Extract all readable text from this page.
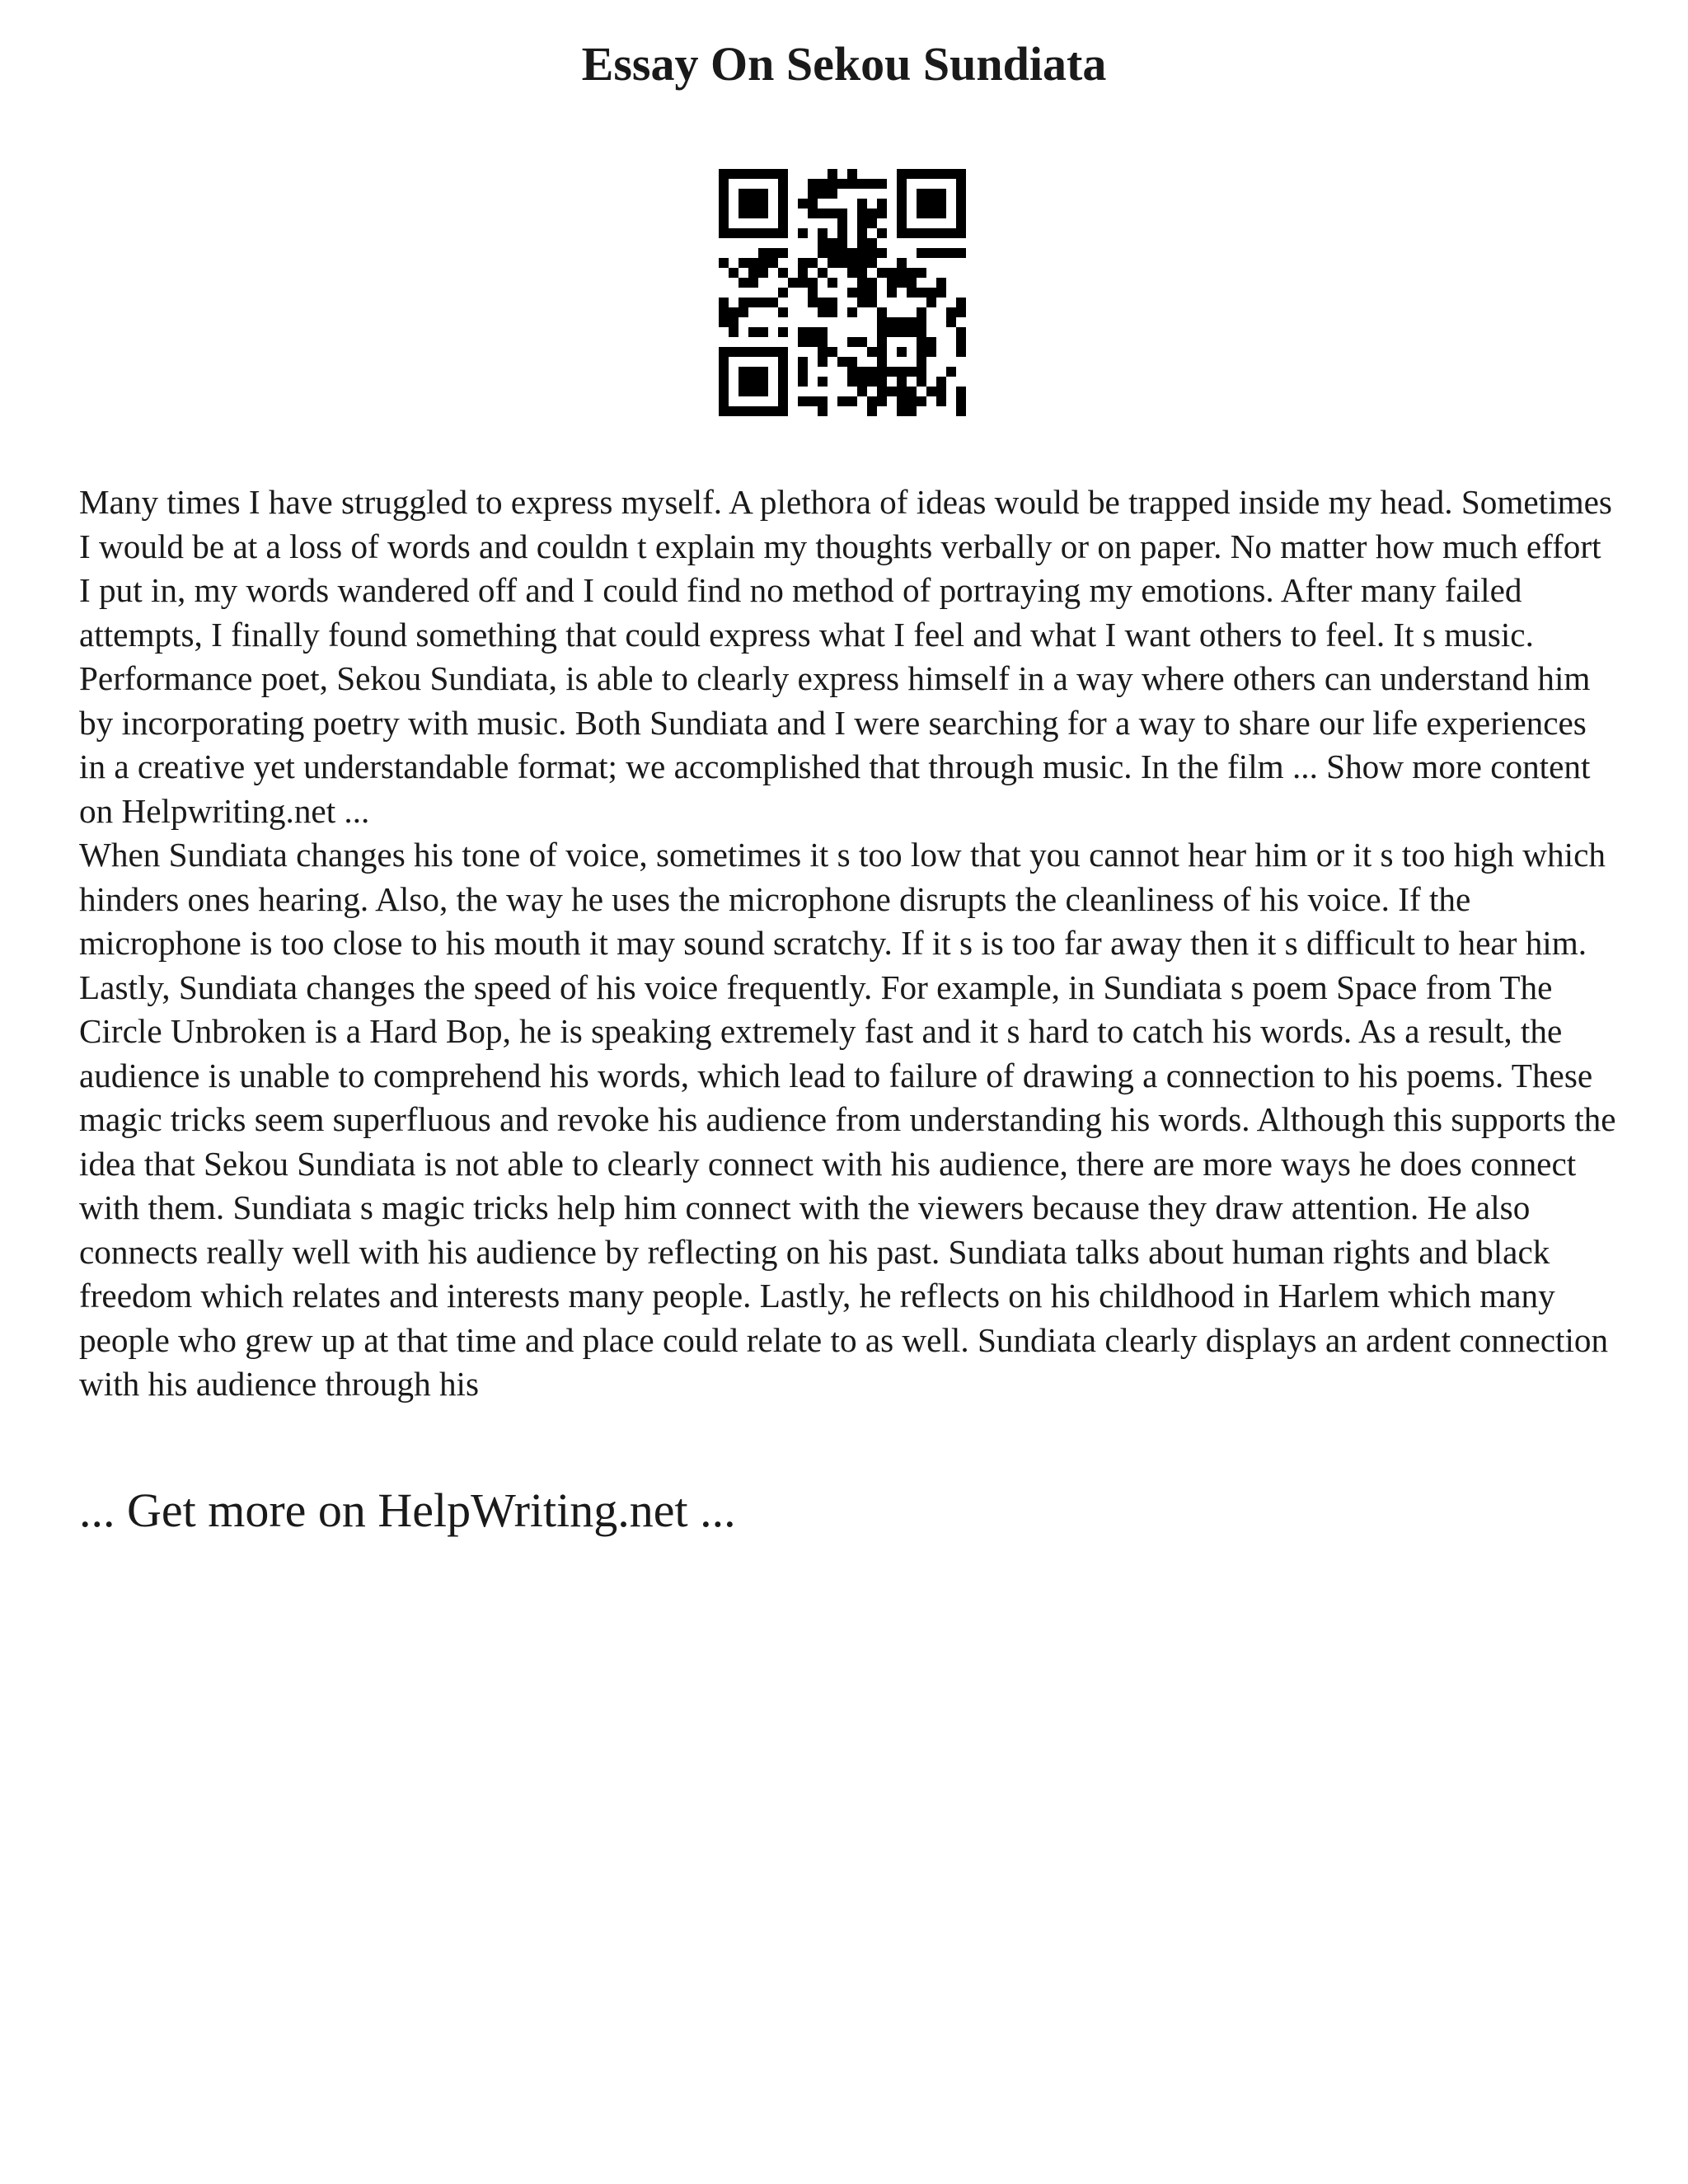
Essay On Sekou Sundiata

Many times I have struggled to express myself. A plethora of ideas would be trapped inside my head. Sometimes I would be at a loss of words and couldn t explain my thoughts verbally or on paper. No matter how much effort I put in, my words wandered off and I could find no method of portraying my emotions. After many failed attempts, I finally found something that could express what I feel and what I want others to feel. It s music. Performance poet, Sekou Sundiata, is able to clearly express himself in a way where others can understand him by incorporating poetry with music. Both Sundiata and I were searching for a way to share our life experiences in a creative yet understandable format; we accomplished that through music. In the film ... Show more content on Helpwriting.net ...

When Sundiata changes his tone of voice, sometimes it s too low that you cannot hear him or it s too high which hinders ones hearing. Also, the way he uses the microphone disrupts the cleanliness of his voice. If the microphone is too close to his mouth it may sound scratchy. If it s is too far away then it s difficult to hear him. Lastly, Sundiata changes the speed of his voice frequently. For example, in Sundiata s poem Space from The Circle Unbroken is a Hard Bop, he is speaking extremely fast and it s hard to catch his words. As a result, the audience is unable to comprehend his words, which lead to failure of drawing a connection to his poems. These magic tricks seem superfluous and revoke his audience from understanding his words. Although this supports the idea that Sekou Sundiata is not able to clearly connect with his audience, there are more ways he does connect with them. Sundiata s magic tricks help him connect with the viewers because they draw attention. He also connects really well with his audience by reflecting on his past. Sundiata talks about human rights and black freedom which relates and interests many people. Lastly, he reflects on his childhood in Harlem which many people who grew up at that time and place could relate to as well. Sundiata clearly displays an ardent connection with his audience through his

... Get more on HelpWriting.net ...
